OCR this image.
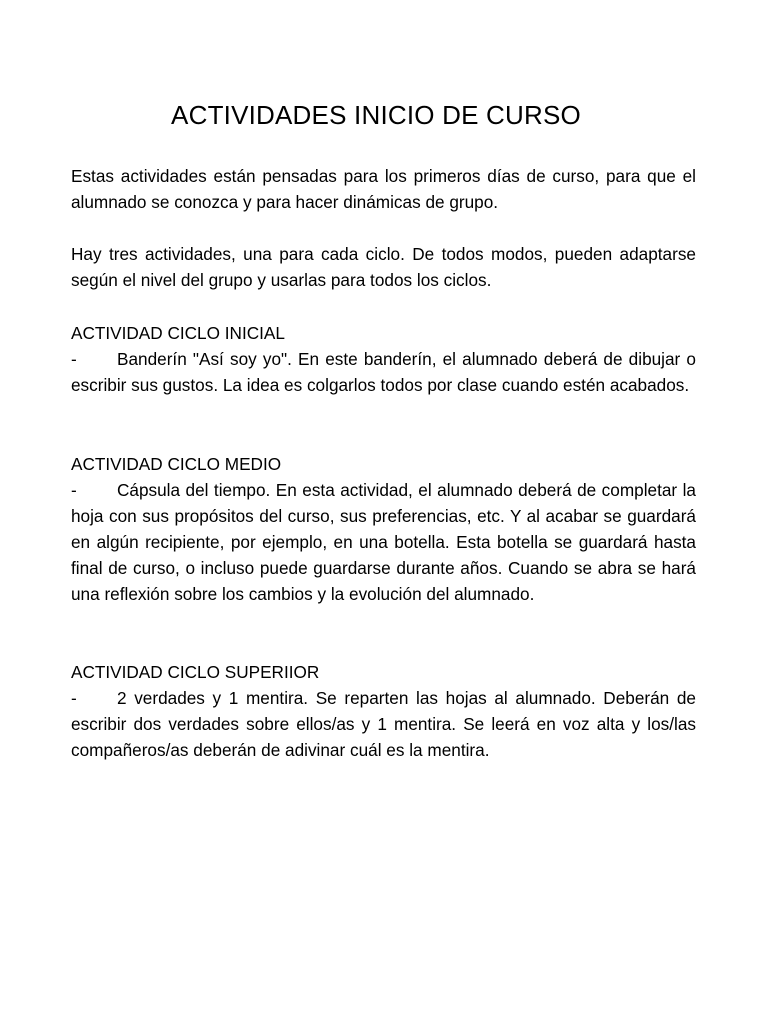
ACTIVIDADES INICIO DE CURSO

Estas actividades están pensadas para los primeros días de curso, para que el alumnado se conozca y para hacer dinámicas de grupo.

Hay tres actividades, una para cada ciclo. De todos modos, pueden adaptarse según el nivel del grupo y usarlas para todos los ciclos.

ACTIVIDAD CICLO INICIAL

- Banderín "Así soy yo". En este banderín, el alumnado deberá de dibujar o escribir sus gustos. La idea es colgarlos todos por clase cuando estén acabados.

ACTIVIDAD CICLO MEDIO

- Cápsula del tiempo. En esta actividad, el alumnado deberá de completar la hoja con sus propósitos del curso, sus preferencias, etc. Y al acabar se guardará en algún recipiente, por ejemplo, en una botella. Esta botella se guardará hasta final de curso, o incluso puede guardarse durante años. Cuando se abra se hará una reflexión sobre los cambios y la evolución del alumnado.

ACTIVIDAD CICLO SUPERIIOR

- 2 verdades y 1 mentira. Se reparten las hojas al alumnado. Deberán de escribir dos verdades sobre ellos/as y 1 mentira. Se leerá en voz alta y los/las compañeros/as deberán de adivinar cuál es la mentira.
